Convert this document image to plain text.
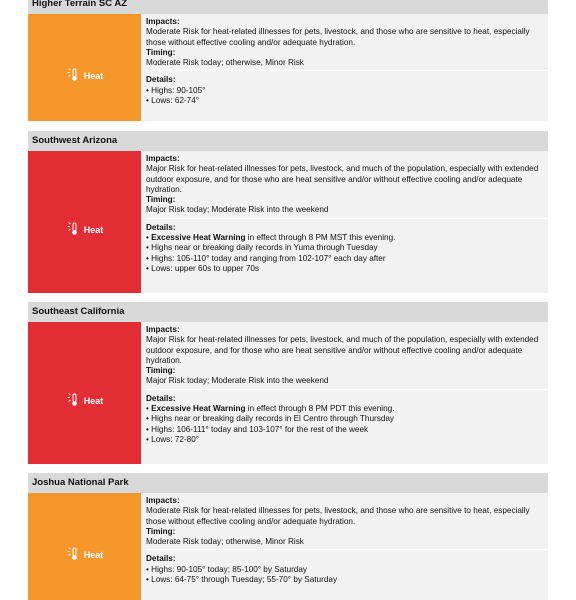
Higher Terrain SC AZ
Heat
Impacts:
Moderate Risk for heat-related illnesses for pets, livestock, and those who are sensitive to heat, especially those without effective cooling and/or adequate hydration.
Timing:
Moderate Risk today; otherwise, Minor Risk
Details:
• Highs: 90-105°
• Lows: 62-74°
Southwest Arizona
Heat
Impacts:
Major Risk for heat-related illnesses for pets, livestock, and much of the population, especially with extended outdoor exposure, and for those who are heat sensitive and/or without effective cooling and/or adequate hydration.
Timing:
Major Risk today; Moderate Risk into the weekend
Details:
• Excessive Heat Warning in effect through 8 PM MST this evening.
• Highs near or breaking daily records in Yuma through Tuesday
• Highs: 105-110° today and ranging from 102-107° each day after
• Lows: upper 60s to upper 70s
Southeast California
Heat
Impacts:
Major Risk for heat-related illnesses for pets, livestock, and much of the population, especially with extended outdoor exposure, and for those who are heat sensitive and/or without effective cooling and/or adequate hydration.
Timing:
Major Risk today; Moderate Risk into the weekend
Details:
• Excessive Heat Warning in effect through 8 PM PDT this evening.
• Highs near or breaking daily records in El Centro through Thursday
• Highs: 106-111° today and 103-107° for the rest of the week
• Lows: 72-80°
Joshua National Park
Heat
Impacts:
Moderate Risk for heat-related illnesses for pets, livestock, and those who are sensitive to heat, especially those without effective cooling and/or adequate hydration.
Timing:
Moderate Risk today; otherwise, Minor Risk
Details:
• Highs: 90-105° today; 85-100° by Saturday
• Lows: 64-75° through Tuesday; 55-70° by Saturday
